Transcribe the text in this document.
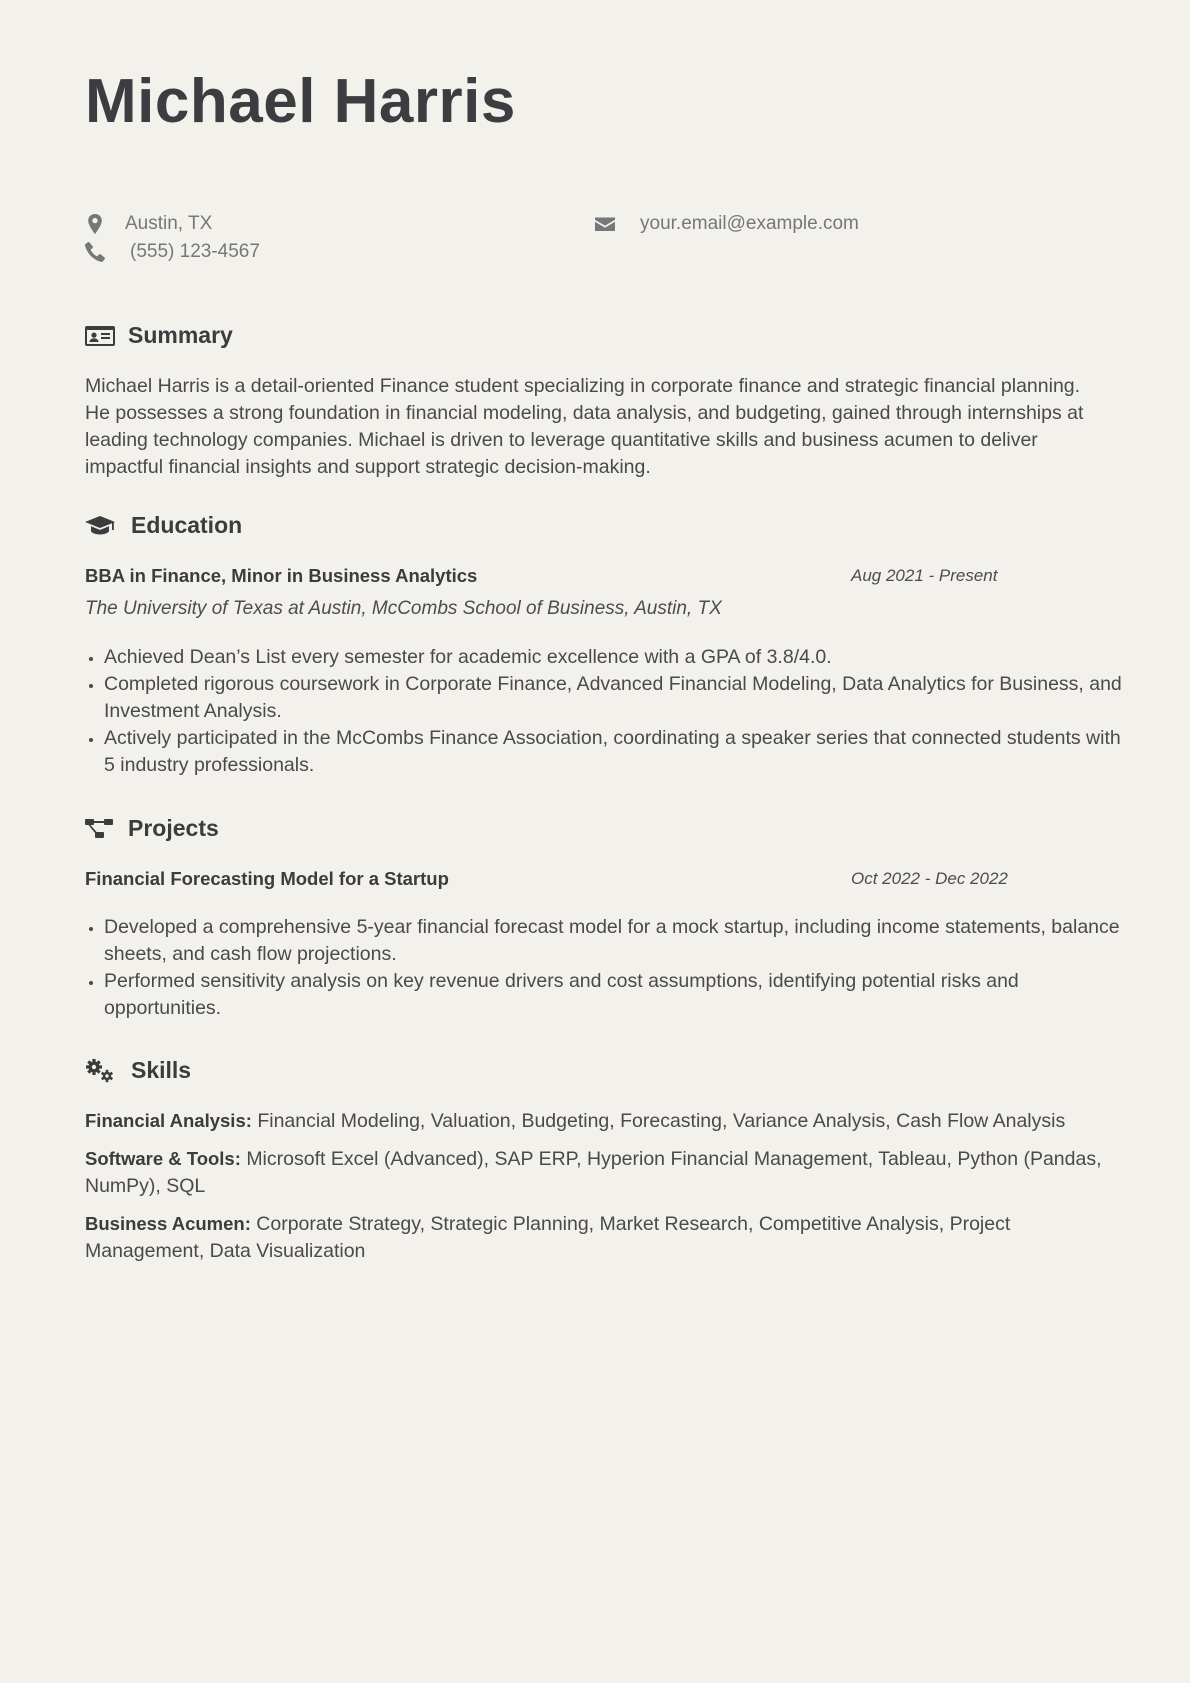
Michael Harris
Austin, TX	your.email@example.com
(555) 123-4567
Summary

Michael Harris is a detail-oriented Finance student specializing in corporate finance and strategic financial planning. He possesses a strong foundation in financial modeling, data analysis, and budgeting, gained through internships at leading technology companies. Michael is driven to leverage quantitative skills and business acumen to deliver impactful financial insights and support strategic decision-making.

Education
BBA in Finance, Minor in Business Analytics	Aug 2021 - Present
The University of Texas at Austin, McCombs School of Business, Austin, TX
• Achieved Dean’s List every semester for academic excellence with a GPA of 3.8/4.0.
• Completed rigorous coursework in Corporate Finance, Advanced Financial Modeling, Data Analytics for Business, and Investment Analysis.
• Actively participated in the McCombs Finance Association, coordinating a speaker series that connected students with 5 industry professionals.
Projects
Financial Forecasting Model for a Startup	Oct 2022 - Dec 2022
• Developed a comprehensive 5-year financial forecast model for a mock startup, including income statements, balance sheets, and cash flow projections.
• Performed sensitivity analysis on key revenue drivers and cost assumptions, identifying potential risks and opportunities.
Skills

Financial Analysis: Financial Modeling, Valuation, Budgeting, Forecasting, Variance Analysis, Cash Flow Analysis

Software & Tools: Microsoft Excel (Advanced), SAP ERP, Hyperion Financial Management, Tableau, Python (Pandas, NumPy), SQL

Business Acumen: Corporate Strategy, Strategic Planning, Market Research, Competitive Analysis, Project Management, Data Visualization
